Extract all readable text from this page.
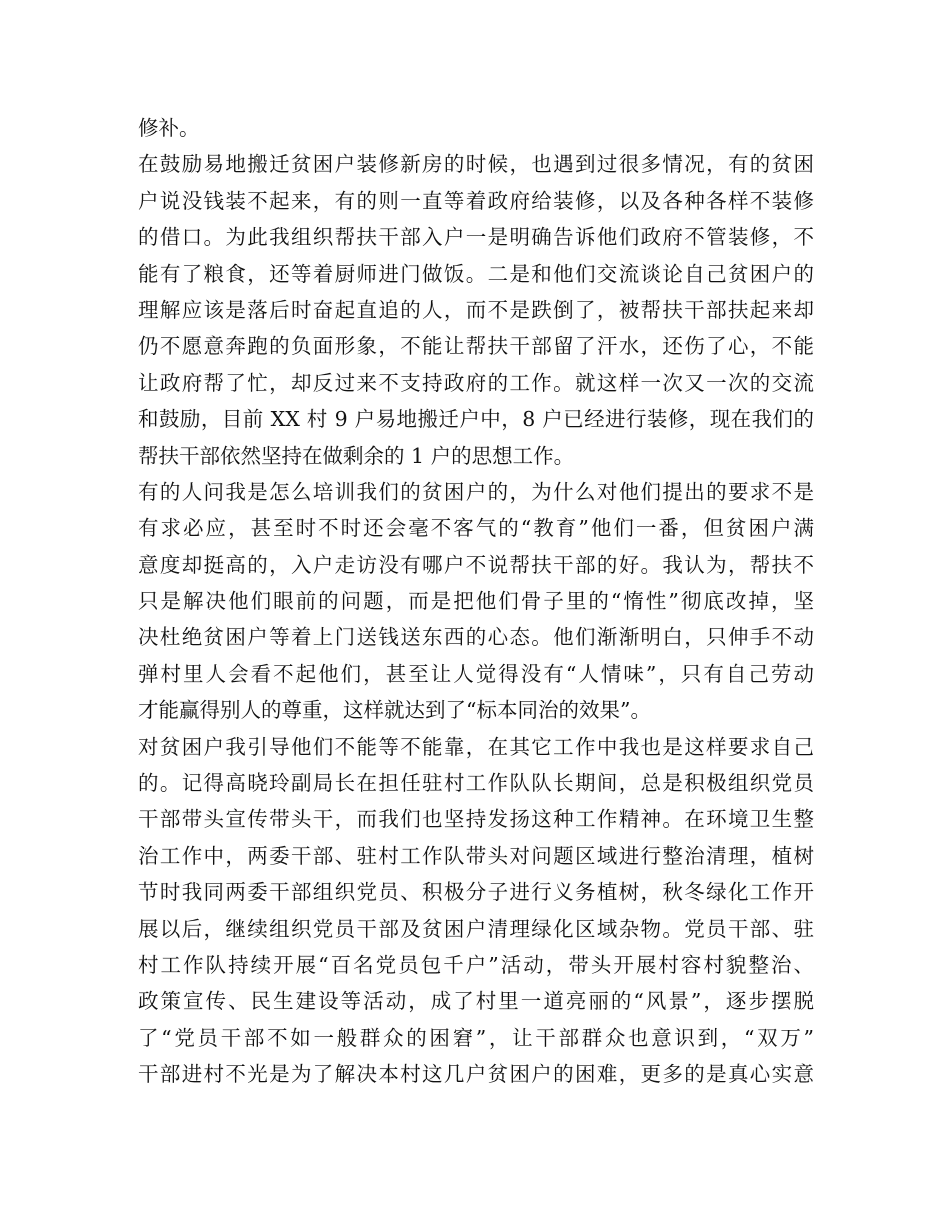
修补。
在鼓励易地搬迁贫困户装修新房的时候，也遇到过很多情况，有的贫困
户说没钱装不起来，有的则一直等着政府给装修，以及各种各样不装修
的借口。为此我组织帮扶干部入户一是明确告诉他们政府不管装修，不
能有了粮食，还等着厨师进门做饭。二是和他们交流谈论自己贫困户的
理解应该是落后时奋起直追的人，而不是跌倒了，被帮扶干部扶起来却
仍不愿意奔跑的负面形象，不能让帮扶干部留了汗水，还伤了心，不能
让政府帮了忙，却反过来不支持政府的工作。就这样一次又一次的交流
和鼓励，目前 XX 村 9 户易地搬迁户中，8 户已经进行装修，现在我们的
帮扶干部依然坚持在做剩余的 1 户的思想工作。
有的人问我是怎么培训我们的贫困户的，为什么对他们提出的要求不是
有求必应，甚至时不时还会毫不客气的“教育”他们一番，但贫困户满
意度却挺高的，入户走访没有哪户不说帮扶干部的好。我认为，帮扶不
只是解决他们眼前的问题，而是把他们骨子里的“惰性”彻底改掉，坚
决杜绝贫困户等着上门送钱送东西的心态。他们渐渐明白，只伸手不动
弹村里人会看不起他们，甚至让人觉得没有“人情味”，只有自己劳动
才能赢得别人的尊重，这样就达到了“标本同治的效果”。
对贫困户我引导他们不能等不能靠，在其它工作中我也是这样要求自己
的。记得高晓玲副局长在担任驻村工作队队长期间，总是积极组织党员
干部带头宣传带头干，而我们也坚持发扬这种工作精神。在环境卫生整
治工作中，两委干部、驻村工作队带头对问题区域进行整治清理，植树
节时我同两委干部组织党员、积极分子进行义务植树，秋冬绿化工作开
展以后，继续组织党员干部及贫困户清理绿化区域杂物。党员干部、驻
村工作队持续开展“百名党员包千户”活动，带头开展村容村貌整治、
政策宣传、民生建设等活动，成了村里一道亮丽的“风景”，逐步摆脱
了“党员干部不如一般群众的困窘”，让干部群众也意识到，“双万”
干部进村不光是为了解决本村这几户贫困户的困难，更多的是真心实意
